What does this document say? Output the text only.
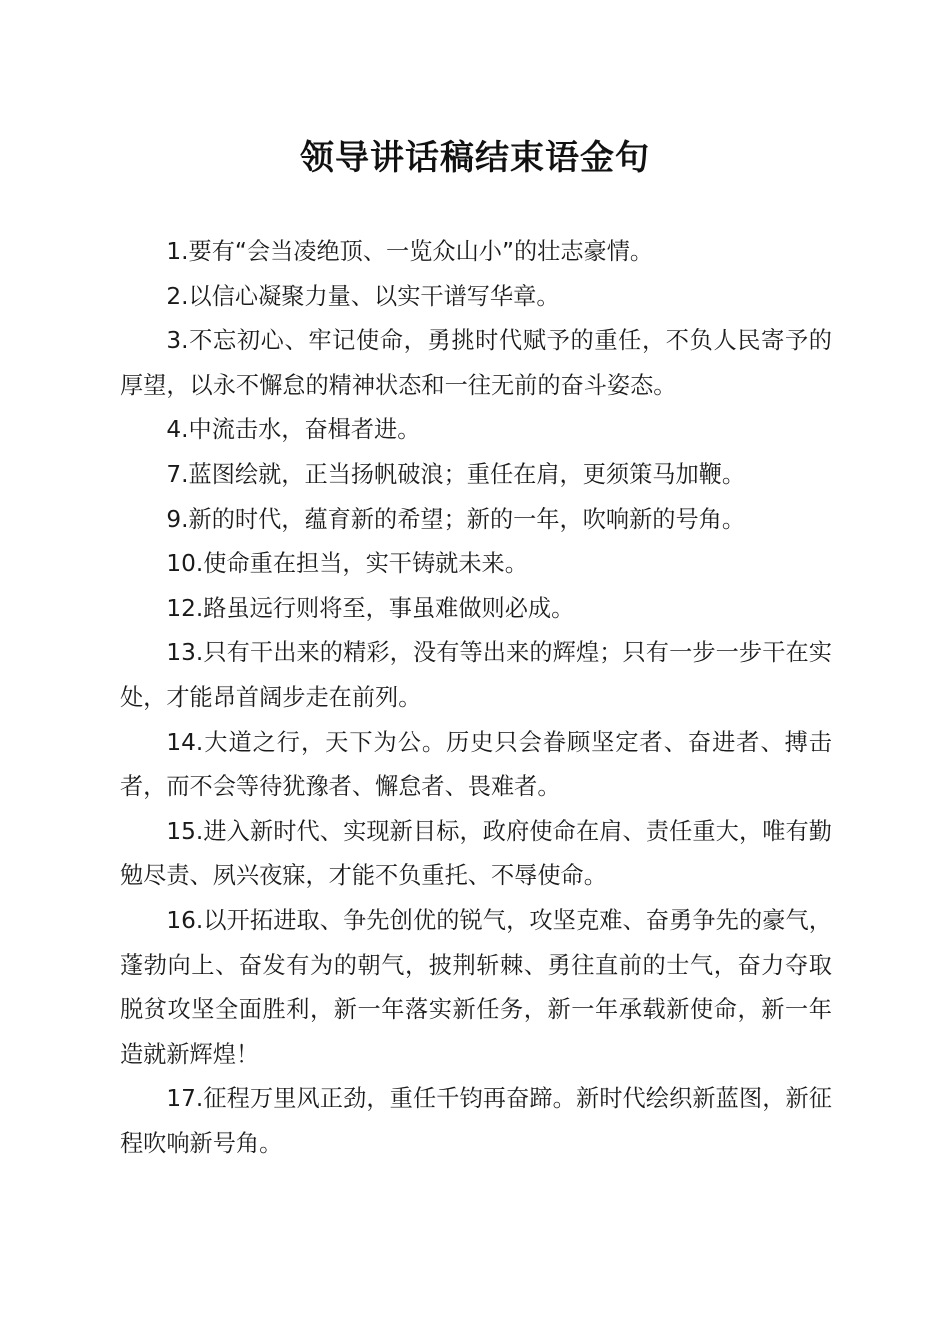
领导讲话稿结束语金句
1.要有“会当凌绝顶、一览众山小”的壮志豪情。
2.以信心凝聚力量、以实干谱写华章。
3.不忘初心、牢记使命，勇挑时代赋予的重任，不负人民寄予的厚望，以永不懈怠的精神状态和一往无前的奋斗姿态。
4.中流击水，奋楫者进。
7.蓝图绘就，正当扬帆破浪；重任在肩，更须策马加鞭。
9.新的时代，蕴育新的希望；新的一年，吹响新的号角。
10.使命重在担当，实干铸就未来。
12.路虽远行则将至，事虽难做则必成。
13.只有干出来的精彩，没有等出来的辉煌；只有一步一步干在实处，才能昂首阔步走在前列。
14.大道之行，天下为公。历史只会眷顾坚定者、奋进者、搏击者，而不会等待犹豫者、懈怠者、畏难者。
15.进入新时代、实现新目标，政府使命在肩、责任重大，唯有勤勉尽责、夙兴夜寐，才能不负重托、不辱使命。
16.以开拓进取、争先创优的锐气，攻坚克难、奋勇争先的豪气，蓬勃向上、奋发有为的朝气，披荆斩棘、勇往直前的士气，奋力夺取脱贫攻坚全面胜利，新一年落实新任务，新一年承载新使命，新一年造就新辉煌！
17.征程万里风正劲，重任千钧再奋蹄。新时代绘织新蓝图，新征程吹响新号角。
